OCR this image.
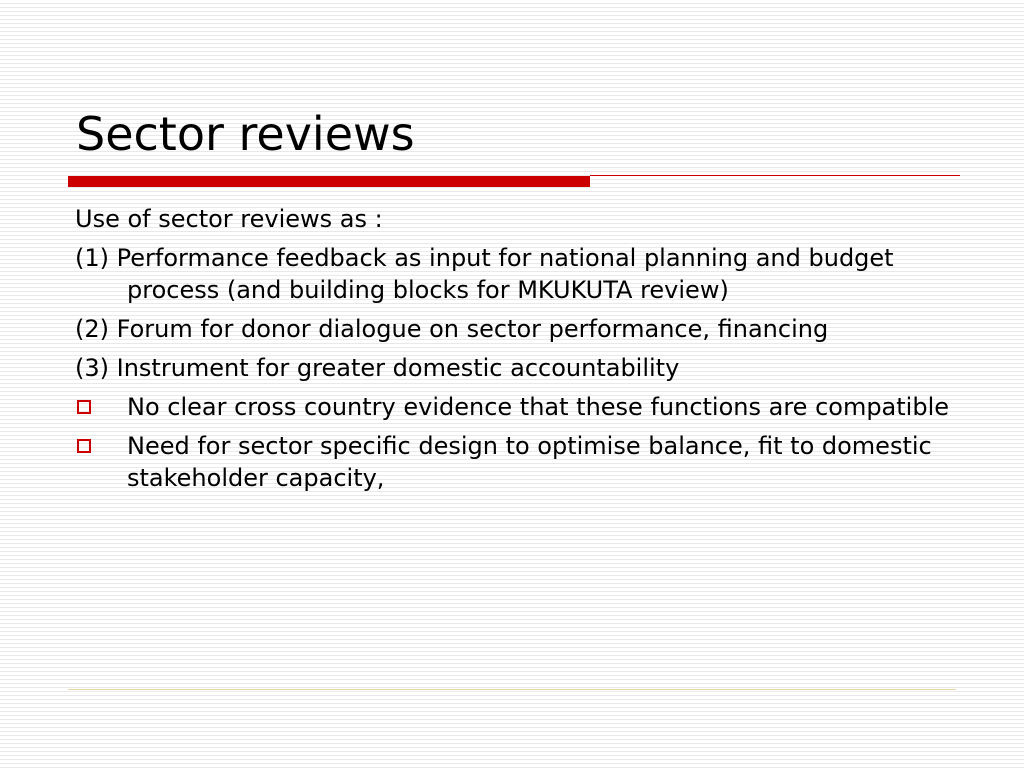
Sector reviews

Use of sector reviews as :

(1) Performance feedback as input for national planning and budget process (and building blocks for MKUKUTA review)

(2) Forum for donor dialogue on sector performance, financing

(3) Instrument for greater domestic accountability

No clear cross country evidence that these functions are compatible
Need for sector specific design to optimise balance, fit to domestic stakeholder capacity,
